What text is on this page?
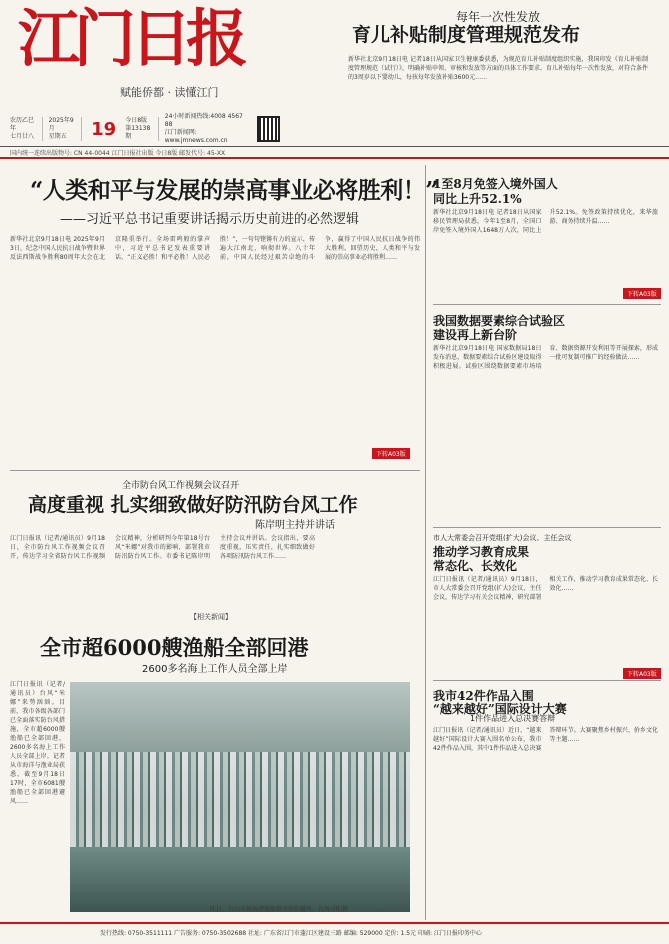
江门日报
赋能侨都 · 读懂江门
农历乙巳年
七月廿八
2025年9月
星期五	19	今日8版
第13138期
24小时新闻热线:4008 4567 88
江门新闻网: www.jmnews.com.cn
国内统一连续出版物号: CN 44-0044 江门日报社出版 今日8版 邮发代号: 45-XX
每年一次性发放
育儿补贴制度管理规范发布
新华社北京9月18日电 记者18日从国家卫生健康委获悉，为规范育儿补贴制度组织实施，我国印发《育儿补贴制度管理规范（试行）》，明确补贴申领、审核和发放等方面的具体工作要求。育儿补贴每年一次性发放，对符合条件的3周岁以下婴幼儿，每孩每年发放补贴3600元……
“人类和平与发展的崇高事业必将胜利！”
——习近平总书记重要讲话揭示历史前进的必然逻辑
新华社北京9月18日电 2025年9月3日，纪念中国人民抗日战争暨世界反法西斯战争胜利80周年大会在北京隆重举行。全场雷鸣般的掌声中，习近平总书记发表重要讲话，“正义必胜！和平必胜！人民必胜！”，一句句铿锵有力的宣示，传遍大江南北，响彻世界。八十年前，中国人民经过艰苦卓绝的斗争，赢得了中国人民抗日战争的伟大胜利。回望历史，人类和平与发展的崇高事业必将胜利……
下转A03版
全市防台风工作视频会议召开
高度重视 扎实细致做好防汛防台风工作
陈岸明主持并讲话
江门日报讯（记者/通讯员）9月18日，全市防台风工作视频会议召开，传达学习全省防台风工作视频会议精神，分析研判今年第18号台风“米娜”对我市的影响，部署我市防汛防台风工作。市委书记陈岸明主持会议并讲话。会议指出，要高度重视，压实责任，扎实细致做好各项防汛防台风工作……
【相关新闻】
全市超6000艘渔船全部回港
2600多名海上工作人员全部上岸
江门日报讯（记者/通讯员）台风“米娜”来势汹汹。目前，我市各级各部门已全面落实防台风措施，全市超6000艘渔船已全部回港，2600多名海上工作人员全部上岸。记者从市海洋与渔业局获悉，截至9月18日17时，全市6081艘渔船已全部回港避风……
昨日，台山市镇海港渔船整齐停泊避风。台海寻阳摄
1至8月免签入境外国人
同比上升52.1%
新华社北京9月18日电 记者18日从国家移民管理局获悉，今年1至8月，全国口岸免签入境外国人1648万人次，同比上升52.1%。免签政策持续优化，来华旅游、商务持续升温……
下转A03版
我国数据要素综合试验区
建设再上新台阶
新华社北京9月18日电 国家数据局18日发布消息，数据要素综合试验区建设取得积极进展。试验区围绕数据要素市场培育、数据资源开发利用等开展探索，形成一批可复制可推广的经验做法……
市人大常委会召开党组(扩大)会议、主任会议
推动学习教育成果
常态化、长效化
江门日报讯（记者/通讯员）9月18日，市人大常委会召开党组(扩大)会议、主任会议，传达学习有关会议精神，研究部署相关工作，推动学习教育成果常态化、长效化……
下转A03版
我市42件作品入围
“越来越好”国际设计大赛
1件作品进入总决赛答辩
江门日报讯（记者/通讯员）近日，“越来越好”国际设计大赛入围名单公布，我市42件作品入围，其中1件作品进入总决赛答辩环节。大赛聚焦乡村振兴、侨乡文化等主题……
发行热线: 0750-3511111 广告服务: 0750-3502688 社址: 广东省江门市蓬江区建设三路 邮编: 529000 定价: 1.5元 印刷: 江门日报印务中心
